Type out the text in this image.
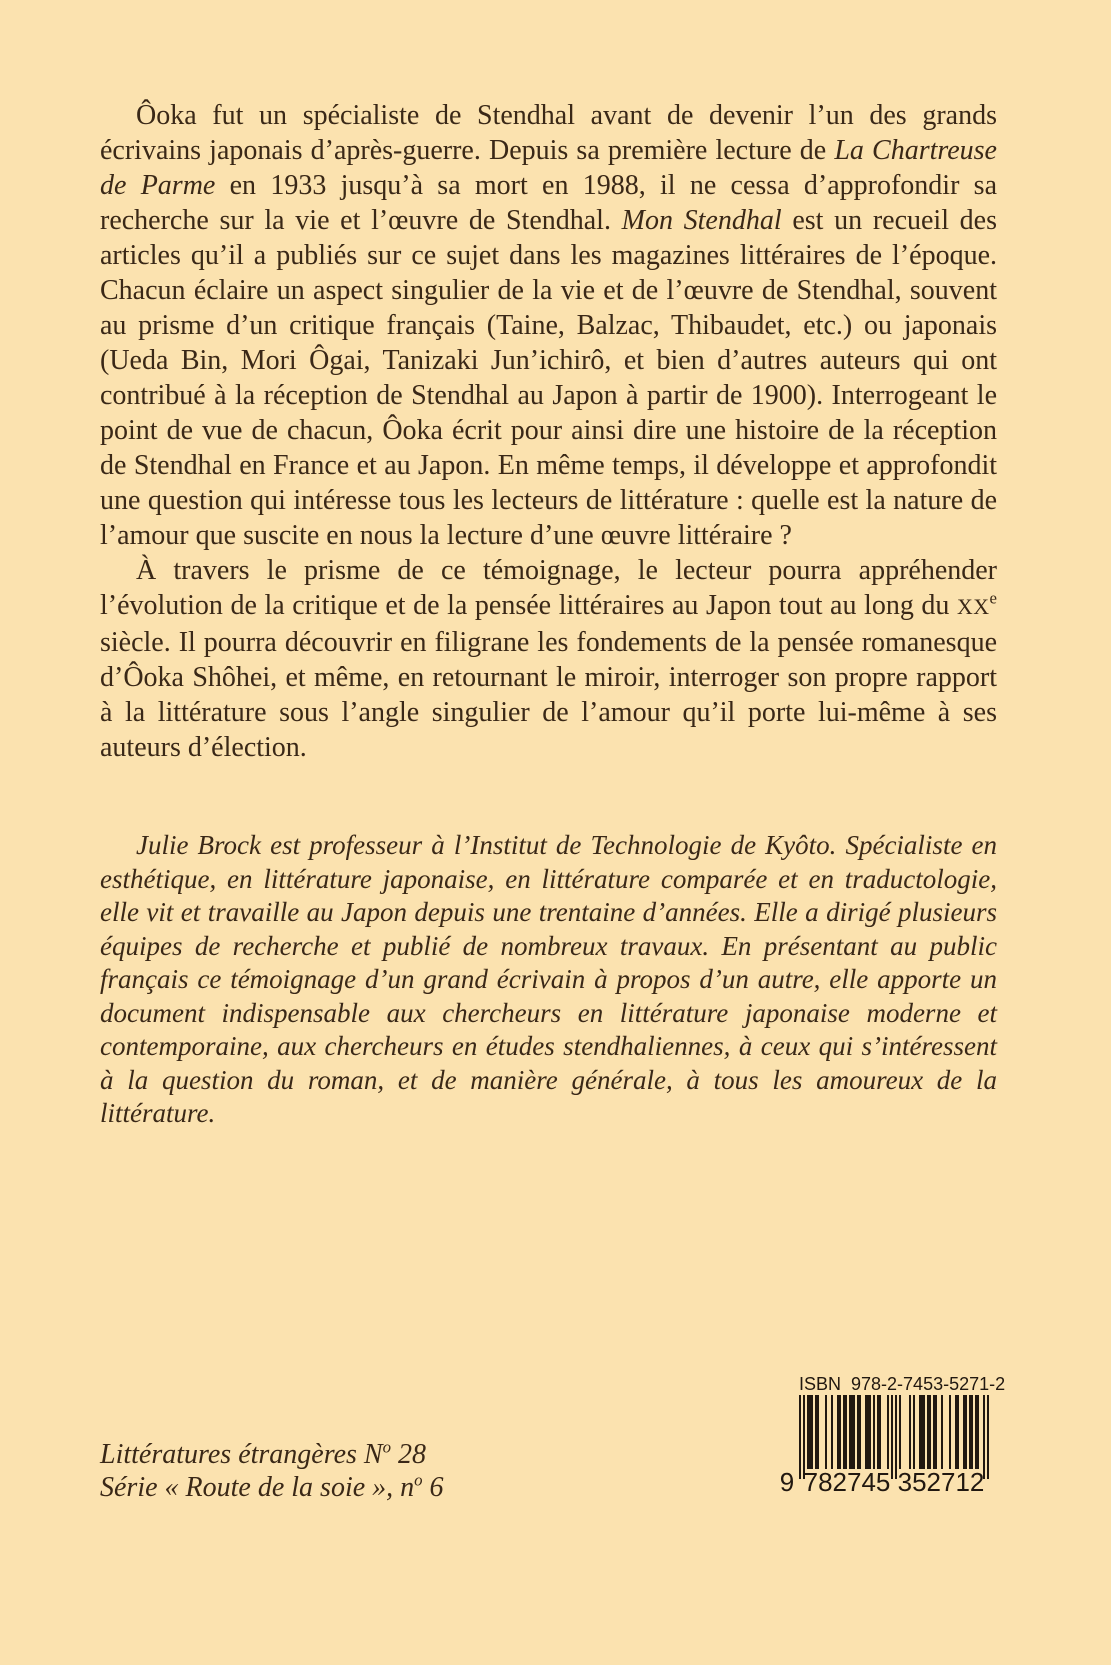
Ôoka fut un spécialiste de Stendhal avant de devenir l’un des grands écrivains japonais d’après-guerre. Depuis sa première lecture de La Chartreuse de Parme en 1933 jusqu’à sa mort en 1988, il ne cessa d’approfondir sa recherche sur la vie et l’œuvre de Stendhal. Mon Stendhal est un recueil des articles qu’il a publiés sur ce sujet dans les magazines littéraires de l’époque. Chacun éclaire un aspect singulier de la vie et de l’œuvre de Stendhal, souvent au prisme d’un critique français (Taine, Balzac, Thibaudet, etc.) ou japonais (Ueda Bin, Mori Ôgai, Tanizaki Jun’ichirô, et bien d’autres auteurs qui ont contribué à la réception de Stendhal au Japon à partir de 1900). Interrogeant le point de vue de chacun, Ôoka écrit pour ainsi dire une histoire de la réception de Stendhal en France et au Japon. En même temps, il développe et approfondit une question qui intéresse tous les lecteurs de littérature : quelle est la nature de l’amour que suscite en nous la lecture d’une œuvre littéraire ?

À travers le prisme de ce témoignage, le lecteur pourra appréhender l’évolution de la critique et de la pensée littéraires au Japon tout au long du XXe siècle. Il pourra découvrir en filigrane les fondements de la pensée romanesque d’Ôoka Shôhei, et même, en retournant le miroir, interroger son propre rapport à la littérature sous l’angle singulier de l’amour qu’il porte lui-même à ses auteurs d’élection.

Julie Brock est professeur à l’Institut de Technologie de Kyôto. Spécialiste en esthétique, en littérature japonaise, en littérature comparée et en traductologie, elle vit et travaille au Japon depuis une trentaine d’années. Elle a dirigé plusieurs équipes de recherche et publié de nombreux travaux. En présentant au public français ce témoignage d’un grand écrivain à propos d’un autre, elle apporte un document indispensable aux chercheurs en littérature japonaise moderne et contemporaine, aux chercheurs en études stendhaliennes, à ceux qui s’intéressent à la question du roman, et de manière générale, à tous les amoureux de la littérature.

Littératures étrangères $N^o$ 28
Série « Route de la soie », $n^o$ 6
ISBN  978-2-7453-5271-2
9 782745 352712
